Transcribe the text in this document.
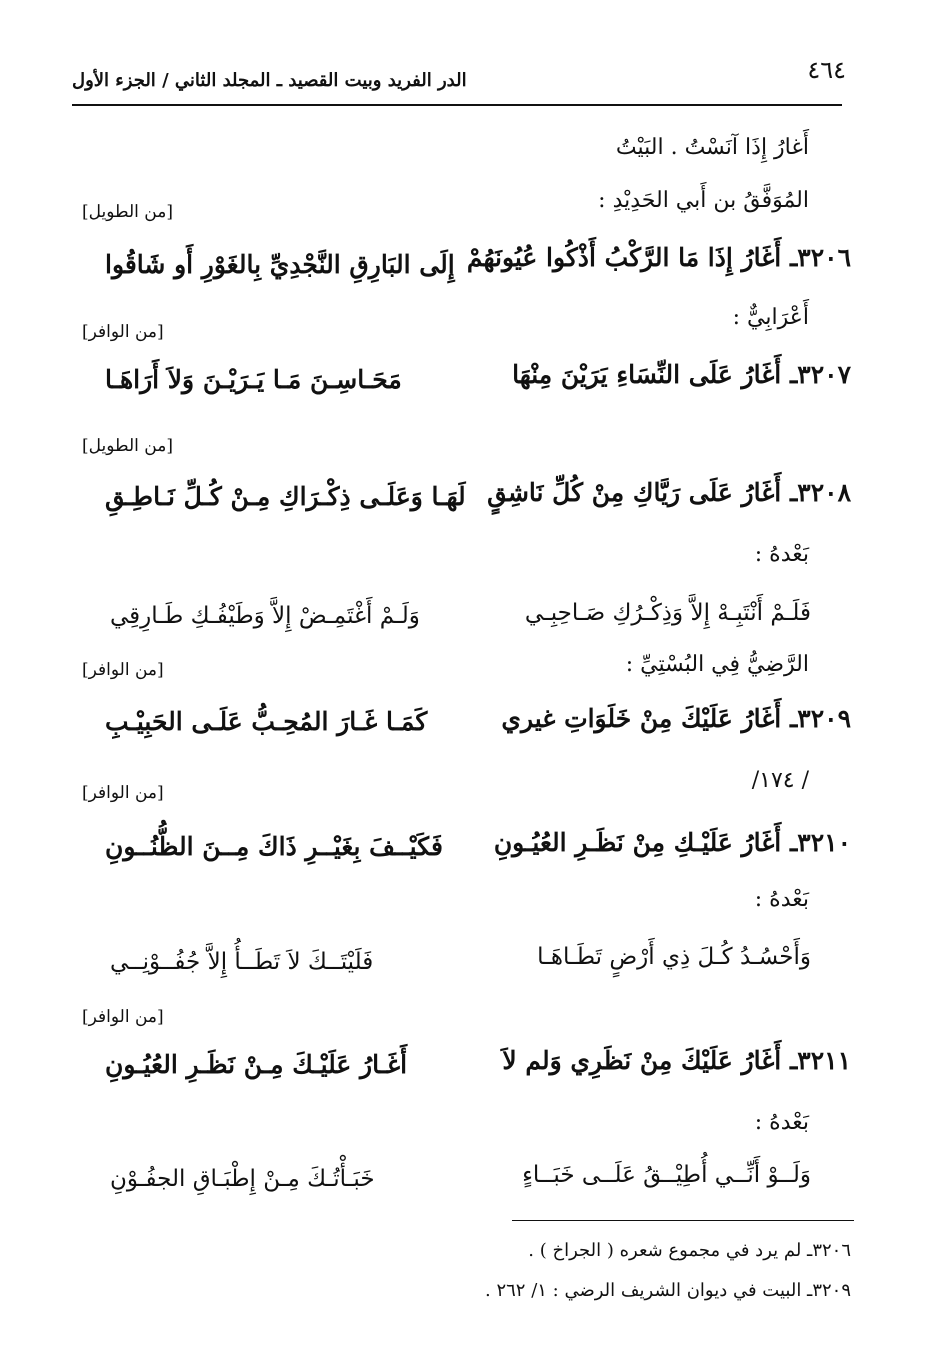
٤٦٤
الدر الفريد وبيت القصيد ـ المجلد الثاني / الجزء الأول
أَغارُ إِذَا آنَسْتُ . البَيْتُ
المُوَفَّقُ بن أَبي الحَدِيْدِ :
[من الطويل]
٣٢٠٦ـ أَغَارُ إِذَا مَا الرَّكْبُ أَذْكُوا عُيُونَهُمْ
إِلَى البَارِقِ النَّجْدِيِّ بِالغَوْرِ أَو شَاقُوا
أَعْرَابِيٌّ :
[من الوافر]
٣٢٠٧ـ أَغَارُ عَلَى النِّسَاءِ يَرَيْنَ مِنْهَا
مَحَـاسِـنَ مَـا يَـرَيْـنَ وَلاَ أَرَاهَـا
[من الطويل]
٣٢٠٨ـ أَغَارُ عَلَى رَيَّاكِ مِنْ كُلِّ نَاشِقٍ
لَهَـا وَعَلَـى ذِكْـرَاكِ مِـنْ كُـلِّ نَـاطِـقِ
بَعْدهُ :
فَلَـمْ أَنْتَبِـهْ إِلاَّ وَذِكْـرُكِ صَـاحِبِـي
وَلَـمْ أَغْتَمِـضْ إِلاَّ وَطَيْفُـكِ طَـارِقِي
الرَّضِيُّ فِي البُسْتِيِّ :
[من الوافر]
٣٢٠٩ـ أَغَارُ عَلَيْكَ مِنْ خَلَوَاتِ غيري
كَمَـا غَـارَ المُحِـبُّ عَلَـى الحَبِيْـبِ
/ ١٧٤/
[من الوافر]
٣٢١٠ـ أَغَارُ عَلَيْـكِ مِنْ نَظَـرِ العُيُـونِ
فَكَيْــفَ بِغَيْــرِ ذَاكَ مِــنَ الظُّنُــونِ
بَعْدهُ :
وَأَحْسُـدُ كُـلَ ذِي أَرْضٍ تَطَـاهَـا
فَلَيْتَــكَ لاَ تَطَــأُ إِلاَّ جُفُــوْنِــي
[من الوافر]
٣٢١١ـ أَغَارُ عَلَيْكَ مِنْ نَظَرِي وَلم لاَ
أَغَـارُ عَلَيْـكَ مِـنْ نَظَـرِ العُيُـونِ
بَعْدهُ :
وَلَــوْ أَنِّــي أُطِيْــقُ عَلَــى خَبَــاءٍ
خَبَـأْتُـكَ مِـنْ إِطْبَـاقِ الجفُـوْنِ
٣٢٠٦ـ لم يرد في مجموع شعره ( الجراخ ) .
٣٢٠٩ـ البيت في ديوان الشريف الرضي : ١/ ٢٦٢ .
